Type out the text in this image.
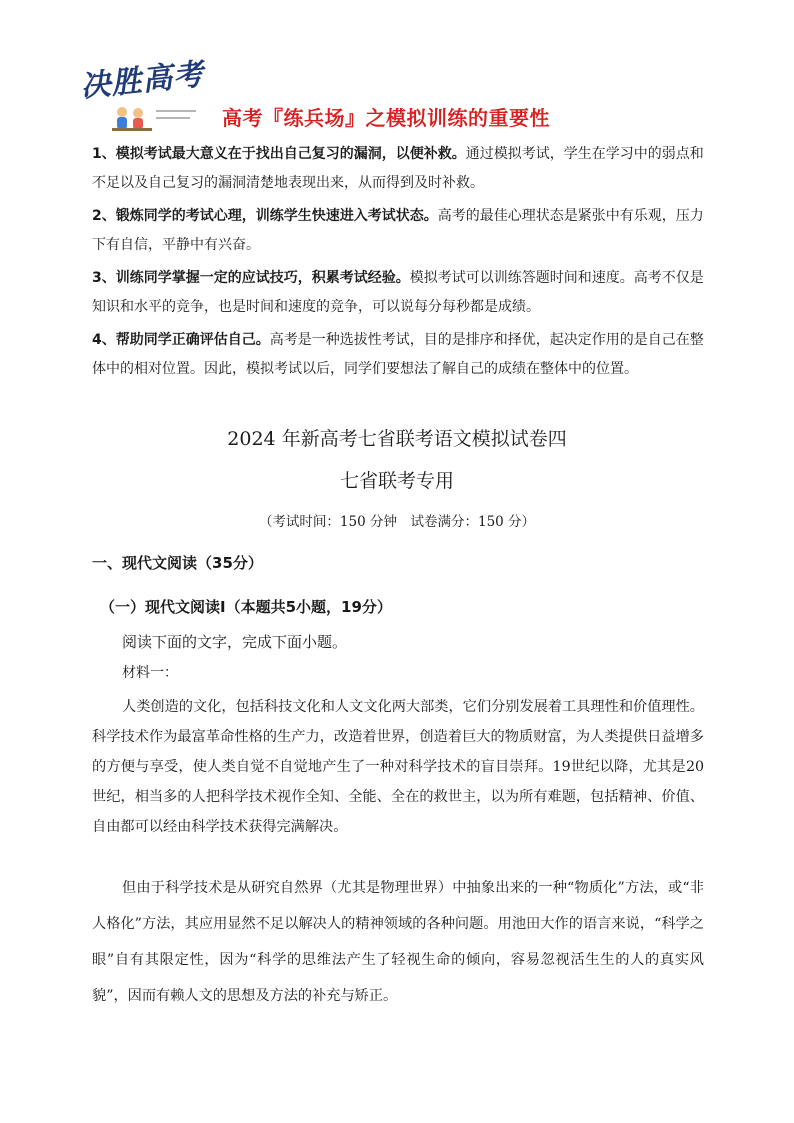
决胜高考
高考『练兵场』之模拟训练的重要性
1、模拟考试最大意义在于找出自己复习的漏洞，以便补救。通过模拟考试，学生在学习中的弱点和不足以及自己复习的漏洞清楚地表现出来，从而得到及时补救。
2、锻炼同学的考试心理，训练学生快速进入考试状态。高考的最佳心理状态是紧张中有乐观，压力下有自信，平静中有兴奋。
3、训练同学掌握一定的应试技巧，积累考试经验。模拟考试可以训练答题时间和速度。高考不仅是知识和水平的竞争，也是时间和速度的竞争，可以说每分每秒都是成绩。
4、帮助同学正确评估自己。高考是一种选拔性考试，目的是排序和择优，起决定作用的是自己在整体中的相对位置。因此，模拟考试以后，同学们要想法了解自己的成绩在整体中的位置。
2024 年新高考七省联考语文模拟试卷四
七省联考专用
（考试时间：150 分钟　试卷满分：150 分）
一、现代文阅读（35分）
（一）现代文阅读Ⅰ（本题共5小题，19分）
阅读下面的文字，完成下面小题。
材料一：
人类创造的文化，包括科技文化和人文文化两大部类，它们分别发展着工具理性和价值理性。科学技术作为最富革命性格的生产力，改造着世界，创造着巨大的物质财富，为人类提供日益增多的方便与享受，使人类自觉不自觉地产生了一种对科学技术的盲目崇拜。19世纪以降，尤其是20世纪，相当多的人把科学技术视作全知、全能、全在的救世主，以为所有难题，包括精神、价值、自由都可以经由科学技术获得完满解决。
但由于科学技术是从研究自然界（尤其是物理世界）中抽象出来的一种“物质化”方法，或“非人格化”方法，其应用显然不足以解决人的精神领域的各种问题。用池田大作的语言来说，“科学之眼”自有其限定性，因为“科学的思维法产生了轻视生命的倾向，容易忽视活生生的人的真实风貌”，因而有赖人文的思想及方法的补充与矫正。
